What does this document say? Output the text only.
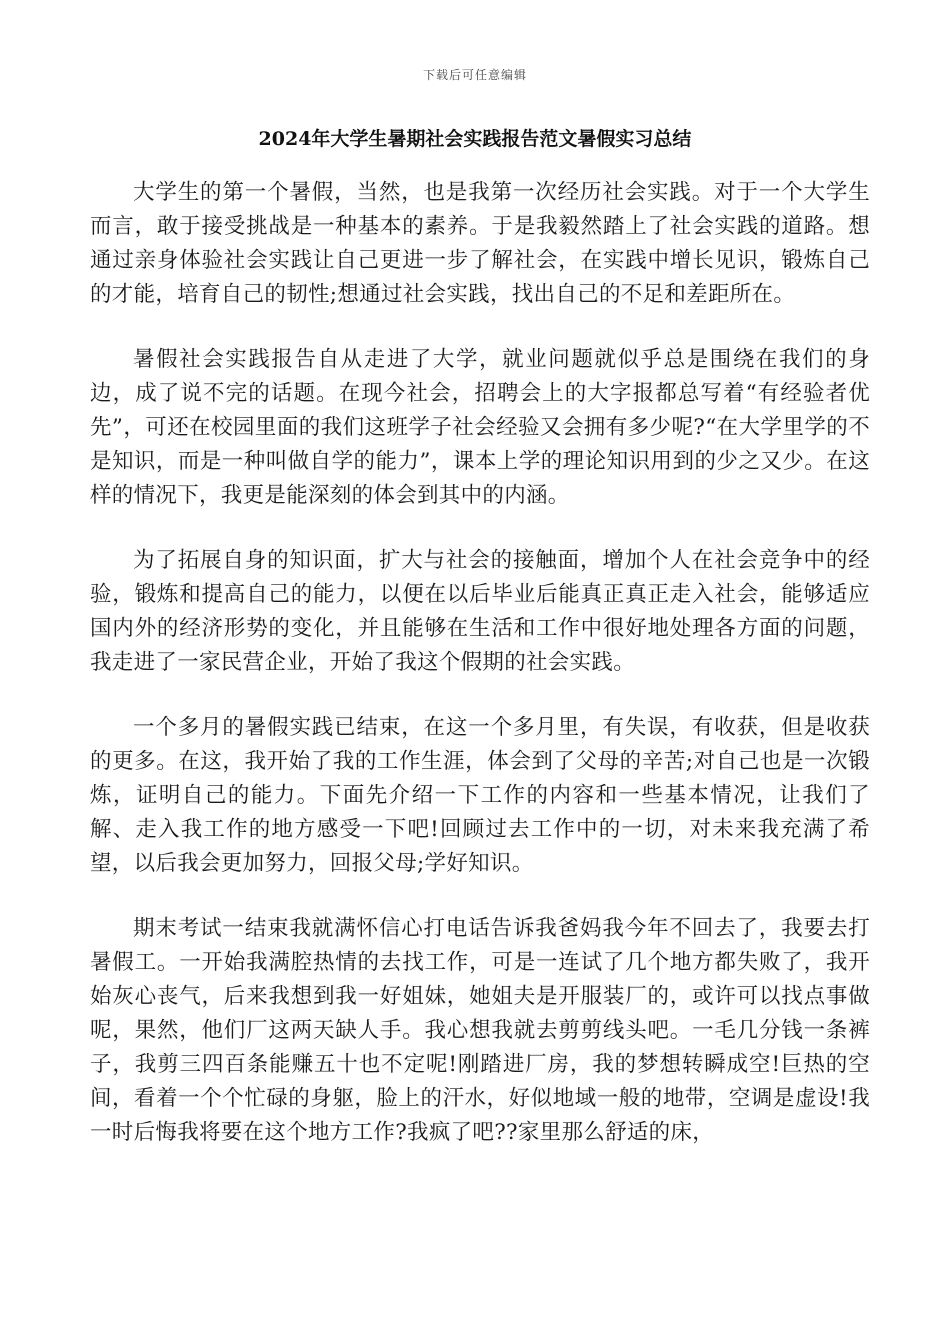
下载后可任意编辑
2024年大学生暑期社会实践报告范文暑假实习总结

大学生的第一个暑假，当然，也是我第一次经历社会实践。对于一个大学生而言，敢于接受挑战是一种基本的素养。于是我毅然踏上了社会实践的道路。想通过亲身体验社会实践让自己更进一步了解社会，在实践中增长见识，锻炼自己的才能，培育自己的韧性;想通过社会实践，找出自己的不足和差距所在。

暑假社会实践报告自从走进了大学，就业问题就似乎总是围绕在我们的身边，成了说不完的话题。在现今社会，招聘会上的大字报都总写着“有经验者优先”，可还在校园里面的我们这班学子社会经验又会拥有多少呢?“在大学里学的不是知识，而是一种叫做自学的能力”，课本上学的理论知识用到的少之又少。在这样的情况下，我更是能深刻的体会到其中的内涵。

为了拓展自身的知识面，扩大与社会的接触面，增加个人在社会竞争中的经验，锻炼和提高自己的能力，以便在以后毕业后能真正真正走入社会，能够适应国内外的经济形势的变化，并且能够在生活和工作中很好地处理各方面的问题，我走进了一家民营企业，开始了我这个假期的社会实践。

一个多月的暑假实践已结束，在这一个多月里，有失误，有收获，但是收获的更多。在这，我开始了我的工作生涯，体会到了父母的辛苦;对自己也是一次锻炼，证明自己的能力。下面先介绍一下工作的内容和一些基本情况，让我们了解、走入我工作的地方感受一下吧!回顾过去工作中的一切，对未来我充满了希望，以后我会更加努力，回报父母;学好知识。

期末考试一结束我就满怀信心打电话告诉我爸妈我今年不回去了，我要去打暑假工。一开始我满腔热情的去找工作，可是一连试了几个地方都失败了，我开始灰心丧气，后来我想到我一好姐妹，她姐夫是开服装厂的，或许可以找点事做呢，果然，他们厂这两天缺人手。我心想我就去剪剪线头吧。一毛几分钱一条裤子，我剪三四百条能赚五十也不定呢!刚踏进厂房，我的梦想转瞬成空!巨热的空间，看着一个个忙碌的身躯，脸上的汗水，好似地域一般的地带，空调是虚设!我一时后悔我将要在这个地方工作?我疯了吧??家里那么舒适的床，
